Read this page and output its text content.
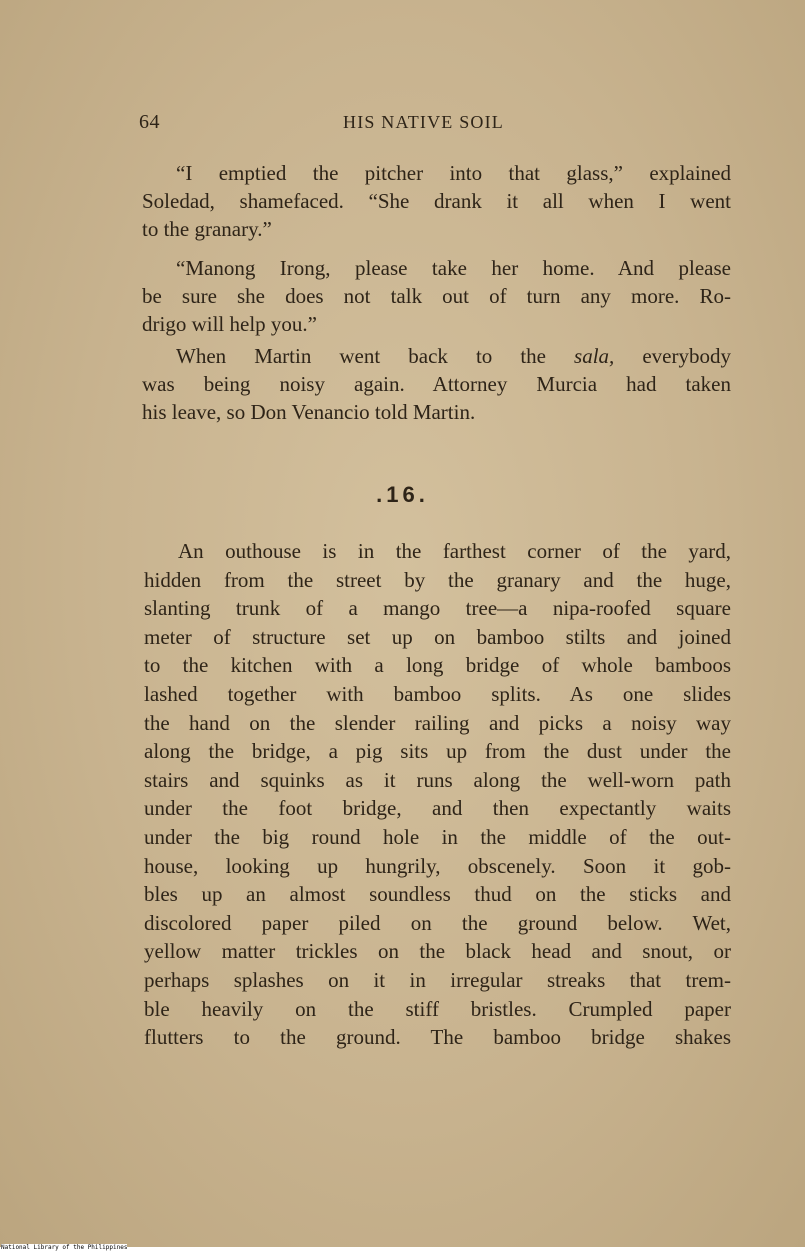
64	HIS NATIVE SOIL
“I emptied the pitcher into that glass,” explained
Soledad, shamefaced. “She drank it all when I went
to the granary.”
“Manong Irong, please take her home. And please
be sure she does not talk out of turn any more. Ro-
drigo will help you.”
When Martin went back to the sala, everybody
was being noisy again. Attorney Murcia had taken
his leave, so Don Venancio told Martin.
.16.
An outhouse is in the farthest corner of the yard,
hidden from the street by the granary and the huge,
slanting trunk of a mango tree—a nipa-roofed square
meter of structure set up on bamboo stilts and joined
to the kitchen with a long bridge of whole bamboos
lashed together with bamboo splits. As one slides
the hand on the slender railing and picks a noisy way
along the bridge, a pig sits up from the dust under the
stairs and squinks as it runs along the well-worn path
under the foot bridge, and then expectantly waits
under the big round hole in the middle of the out-
house, looking up hungrily, obscenely. Soon it gob-
bles up an almost soundless thud on the sticks and
discolored paper piled on the ground below. Wet,
yellow matter trickles on the black head and snout, or
perhaps splashes on it in irregular streaks that trem-
ble heavily on the stiff bristles. Crumpled paper
flutters to the ground. The bamboo bridge shakes
National Library of the Philippines
